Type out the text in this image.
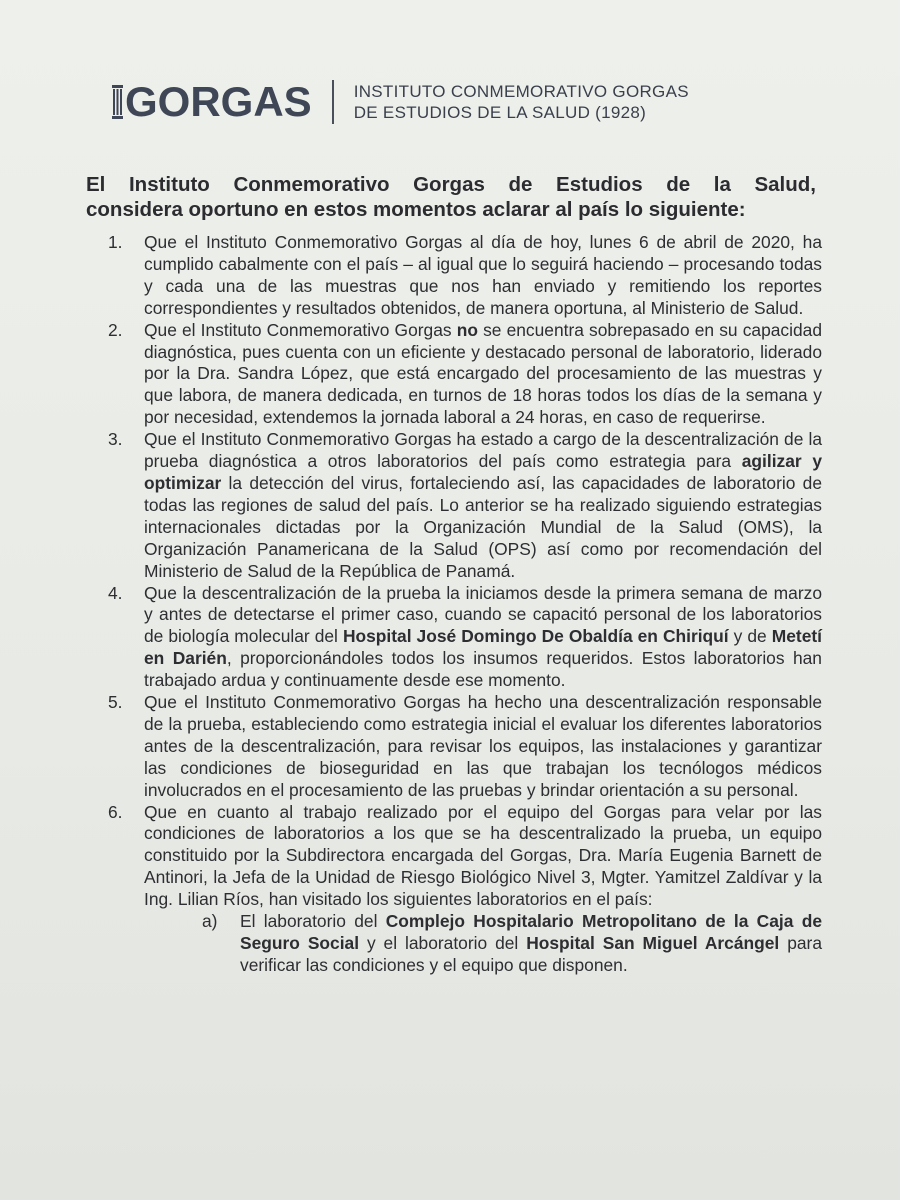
GORGAS INSTITUTO CONMEMORATIVO GORGAS
DE ESTUDIOS DE LA SALUD (1928)
El Instituto Conmemorativo Gorgas de Estudios de la Salud,
considera oportuno en estos momentos aclarar al país lo siguiente:
1.	Que el Instituto Conmemorativo Gorgas al día de hoy, lunes 6 de abril de 2020, ha cumplido cabalmente con el país – al igual que lo seguirá haciendo – procesando todas y cada una de las muestras que nos han enviado y remitiendo los reportes correspondientes y resultados obtenidos, de manera oportuna, al Ministerio de Salud.
2.	Que el Instituto Conmemorativo Gorgas no se encuentra sobrepasado en su capacidad diagnóstica, pues cuenta con un eficiente y destacado personal de laboratorio, liderado por la Dra. Sandra López, que está encargado del procesamiento de las muestras y que labora, de manera dedicada, en turnos de 18 horas todos los días de la semana y por necesidad, extendemos la jornada laboral a 24 horas, en caso de requerirse.
3.	Que el Instituto Conmemorativo Gorgas ha estado a cargo de la descentralización de la prueba diagnóstica a otros laboratorios del país como estrategia para agilizar y optimizar la detección del virus, fortaleciendo así, las capacidades de laboratorio de todas las regiones de salud del país. Lo anterior se ha realizado siguiendo estrategias internacionales dictadas por la Organización Mundial de la Salud (OMS), la Organización Panamericana de la Salud (OPS) así como por recomendación del Ministerio de Salud de la República de Panamá.
4.	Que la descentralización de la prueba la iniciamos desde la primera semana de marzo y antes de detectarse el primer caso, cuando se capacitó personal de los laboratorios de biología molecular del Hospital José Domingo De Obaldía en Chiriquí y de Metetí en Darién, proporcionándoles todos los insumos requeridos. Estos laboratorios han trabajado ardua y continuamente desde ese momento.
5.	Que el Instituto Conmemorativo Gorgas ha hecho una descentralización responsable de la prueba, estableciendo como estrategia inicial el evaluar los diferentes laboratorios antes de la descentralización, para revisar los equipos, las instalaciones y garantizar las condiciones de bioseguridad en las que trabajan los tecnólogos médicos involucrados en el procesamiento de las pruebas y brindar orientación a su personal.
6.	Que en cuanto al trabajo realizado por el equipo del Gorgas para velar por las condiciones de laboratorios a los que se ha descentralizado la prueba, un equipo constituido por la Subdirectora encargada del Gorgas, Dra. María Eugenia Barnett de Antinori, la Jefa de la Unidad de Riesgo Biológico Nivel 3, Mgter. Yamitzel Zaldívar y la Ing. Lilian Ríos, han visitado los siguientes laboratorios en el país:
a)	El laboratorio del Complejo Hospitalario Metropolitano de la Caja de Seguro Social y el laboratorio del Hospital San Miguel Arcángel para verificar las condiciones y el equipo que disponen.
